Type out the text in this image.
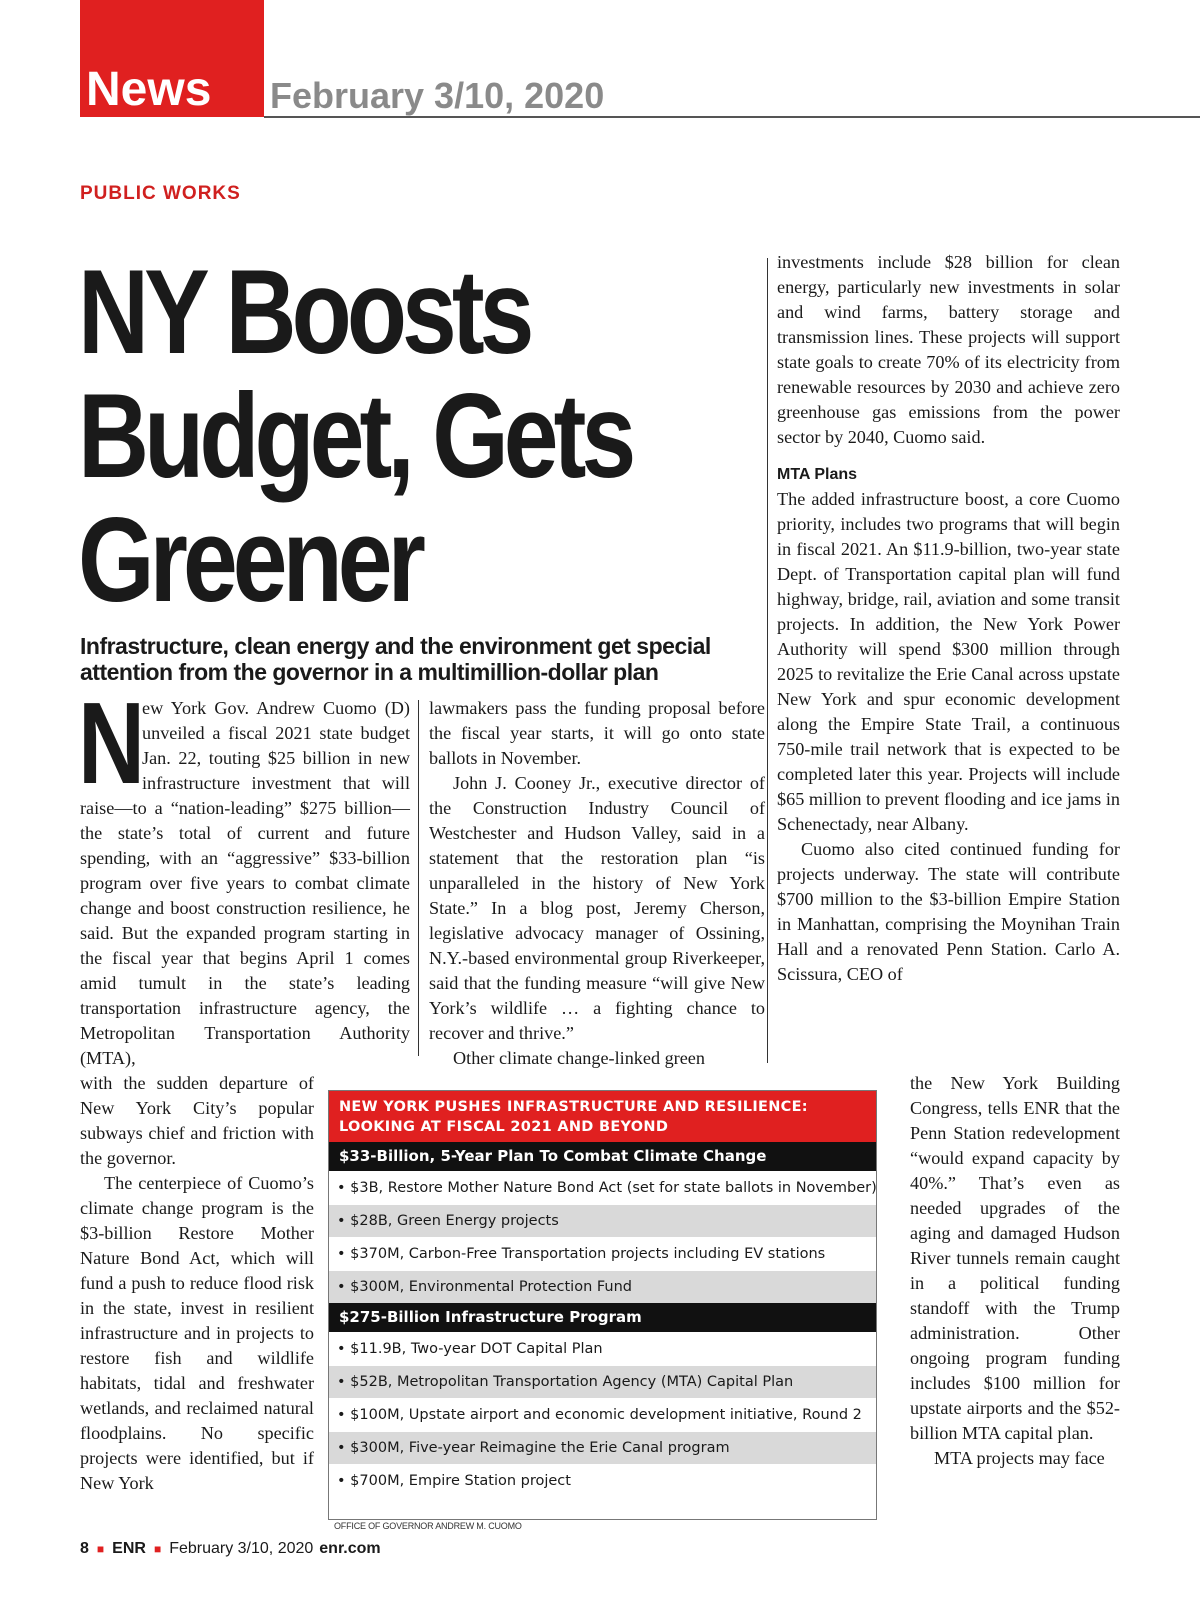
News February 3/10, 2020
PUBLIC WORKS
NY Boosts Budget, Gets Greener
Infrastructure, clean energy and the environment get special attention from the governor in a multimillion-dollar plan
N

ew York Gov. Andrew Cuomo (D) unveiled a fiscal 2021 state budget Jan. 22, touting $25 billion in new infrastructure investment that will raise—to a “nation-leading” $275 billion—the state’s total of current and future spending, with an “aggressive” $33-billion program over five years to combat climate change and boost construction resilience, he said. But the expanded program starting in the fiscal year that begins April 1 comes amid tumult in the state’s leading transportation infrastructure agency, the Metropolitan Transportation Authority (MTA),

with the sudden departure of New York City’s popular subways chief and friction with the governor.

The centerpiece of Cuomo’s climate change program is the $3-billion Restore Mother Nature Bond Act, which will fund a push to reduce flood risk in the state, invest in resilient infrastructure and in projects to restore fish and wildlife habitats, tidal and freshwater wetlands, and reclaimed natural floodplains. No specific projects were identified, but if New York

lawmakers pass the funding proposal before the fiscal year starts, it will go onto state ballots in November.

John J. Cooney Jr., executive director of the Construction Industry Council of Westchester and Hudson Valley, said in a statement that the restoration plan “is unparalleled in the history of New York State.” In a blog post, Jeremy Cherson, legislative advocacy manager of Ossining, N.Y.-based environmental group Riverkeeper, said that the funding measure “will give New York’s wildlife … a fighting chance to recover and thrive.”

Other climate change-linked green

investments include $28 billion for clean energy, particularly new investments in solar and wind farms, battery storage and transmission lines. These projects will support state goals to create 70% of its electricity from renewable resources by 2030 and achieve zero greenhouse gas emissions from the power sector by 2040, Cuomo said.

MTA Plans

The added infrastructure boost, a core Cuomo priority, includes two programs that will begin in fiscal 2021. An $11.9-billion, two-year state Dept. of Transportation capital plan will fund highway, bridge, rail, aviation and some transit projects. In addition, the New York Power Authority will spend $300 million through 2025 to revitalize the Erie Canal across upstate New York and spur economic development along the Empire State Trail, a continuous 750-mile trail network that is expected to be completed later this year. Projects will include $65 million to prevent flooding and ice jams in Schenectady, near Albany.

Cuomo also cited continued funding for projects underway. The state will contribute $700 million to the $3-billion Empire Station in Manhattan, comprising the Moynihan Train Hall and a renovated Penn Station. Carlo A. Scissura, CEO of

the New York Building Congress, tells ENR that the Penn Station redevelopment “would expand capacity by 40%.” That’s even as needed upgrades of the aging and damaged Hudson River tunnels remain caught in a political funding standoff with the Trump administration. Other ongoing program funding includes $100 million for upstate airports and the $52-billion MTA capital plan.

MTA projects may face

NEW YORK PUSHES INFRASTRUCTURE AND RESILIENCE: LOOKING AT FISCAL 2021 AND BEYOND
$33-Billion, 5-Year Plan To Combat Climate Change
• $3B, Restore Mother Nature Bond Act (set for state ballots in November)
• $28B, Green Energy projects
• $370M, Carbon-Free Transportation projects including EV stations
• $300M, Environmental Protection Fund
$275-Billion Infrastructure Program
• $11.9B, Two-year DOT Capital Plan
• $52B, Metropolitan Transportation Agency (MTA) Capital Plan
• $100M, Upstate airport and economic development initiative, Round 2
• $300M, Five-year Reimagine the Erie Canal program
• $700M, Empire Station project
OFFICE OF GOVERNOR ANDREW M. CUOMO
8 ■ ENR ■ February 3/10, 2020 enr.com
